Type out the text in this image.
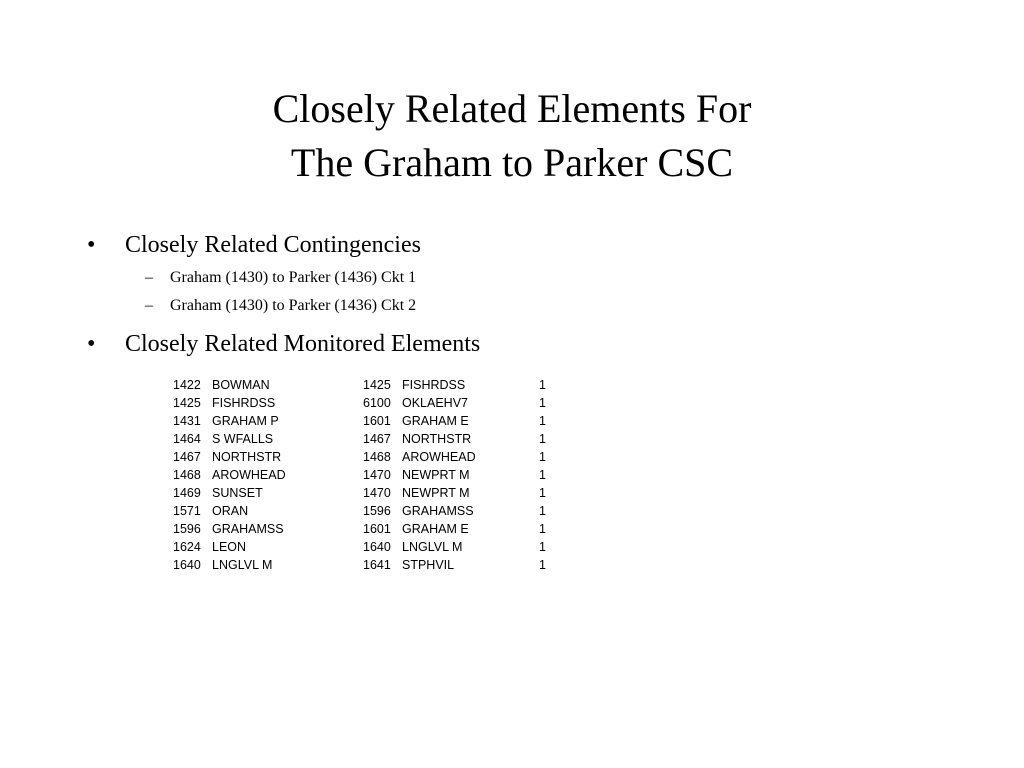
Closely Related Elements For
The Graham to Parker CSC
• Closely Related Contingencies
– Graham (1430) to Parker (1436) Ckt 1
– Graham (1430) to Parker (1436) Ckt 2
• Closely Related Monitored Elements
1422	BOWMAN	1425	FISHRDSS	1
1425	FISHRDSS	6100	OKLAEHV7	1
1431	GRAHAM P	1601	GRAHAM E	1
1464	S WFALLS	1467	NORTHSTR	1
1467	NORTHSTR	1468	AROWHEAD	1
1468	AROWHEAD	1470	NEWPRT M	1
1469	SUNSET	1470	NEWPRT M	1
1571	ORAN	1596	GRAHAMSS	1
1596	GRAHAMSS	1601	GRAHAM E	1
1624	LEON	1640	LNGLVL M	1
1640	LNGLVL M	1641	STPHVIL	1
